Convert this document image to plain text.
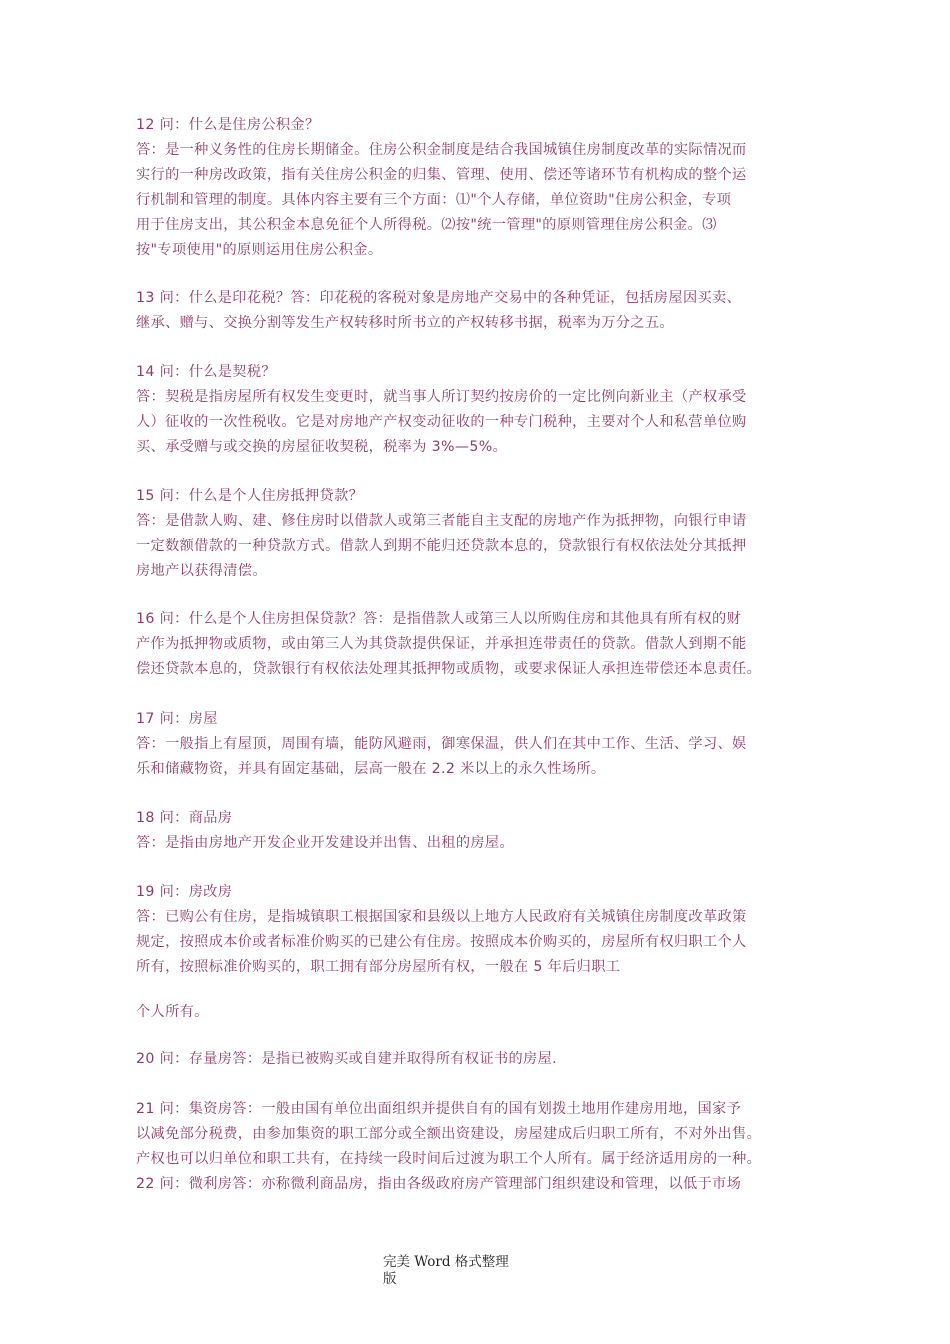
12 问：什么是住房公积金？
答：是一种义务性的住房长期储金。住房公积金制度是结合我国城镇住房制度改革的实际情况而
实行的一种房改政策，指有关住房公积金的归集、管理、使用、偿还等诸环节有机构成的整个运
行机制和管理的制度。具体内容主要有三个方面：⑴"个人存储，单位资助"住房公积金，专项
用于住房支出，其公积金本息免征个人所得税。⑵按"统一管理"的原则管理住房公积金。⑶
按"专项使用"的原则运用住房公积金。
13 问：什么是印花税？答：印花税的客税对象是房地产交易中的各种凭证，包括房屋因买卖、
继承、赠与、交换分割等发生产权转移时所书立的产权转移书据，税率为万分之五。
14 问：什么是契税？
答：契税是指房屋所有权发生变更时，就当事人所订契约按房价的一定比例向新业主（产权承受
人）征收的一次性税收。它是对房地产产权变动征收的一种专门税种，主要对个人和私营单位购
买、承受赠与或交换的房屋征收契税，税率为 3%—5%。
15 问：什么是个人住房抵押贷款？
答：是借款人购、建、修住房时以借款人或第三者能自主支配的房地产作为抵押物，向银行申请
一定数额借款的一种贷款方式。借款人到期不能归还贷款本息的，贷款银行有权依法处分其抵押
房地产以获得清偿。
16 问：什么是个人住房担保贷款？答：是指借款人或第三人以所购住房和其他具有所有权的财
产作为抵押物或质物，或由第三人为其贷款提供保证，并承担连带责任的贷款。借款人到期不能
偿还贷款本息的，贷款银行有权依法处理其抵押物或质物，或要求保证人承担连带偿还本息责任。
17 问：房屋
答：一般指上有屋顶，周围有墙，能防风避雨，御寒保温，供人们在其中工作、生活、学习、娱
乐和储藏物资，并具有固定基础，层高一般在 2.2 米以上的永久性场所。
18 问：商品房
答：是指由房地产开发企业开发建设并出售、出租的房屋。
19 问：房改房
答：已购公有住房，是指城镇职工根据国家和县级以上地方人民政府有关城镇住房制度改革政策
规定，按照成本价或者标准价购买的已建公有住房。按照成本价购买的，房屋所有权归职工个人
所有，按照标准价购买的，职工拥有部分房屋所有权，一般在 5 年后归职工
个人所有。
20 问：存量房答：是指已被购买或自建并取得所有权证书的房屋.
21 问：集资房答：一般由国有单位出面组织并提供自有的国有划拨土地用作建房用地，国家予
以减免部分税费，由参加集资的职工部分或全额出资建设，房屋建成后归职工所有，不对外出售。
产权也可以归单位和职工共有，在持续一段时间后过渡为职工个人所有。属于经济适用房的一种。
22 问：微利房答：亦称微利商品房，指由各级政府房产管理部门组织建设和管理，以低于市场
完美 Word 格式整理
版
